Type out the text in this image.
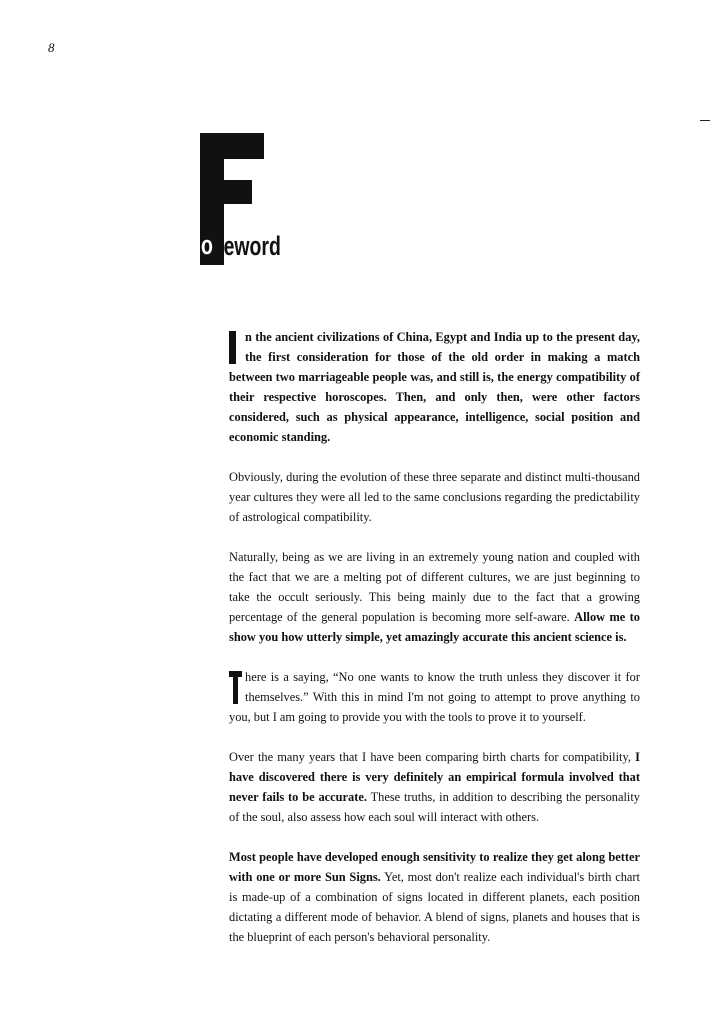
8
o reword

n the ancient civilizations of China, Egypt and India up to the present day, the first consideration for those of the old order in making a match between two marriageable people was, and still is, the energy compatibility of their respective horoscopes. Then, and only then, were other factors considered, such as physical appearance, intelligence, social position and economic standing.

Obviously, during the evolution of these three separate and distinct multi-thousand year cultures they were all led to the same conclusions regarding the predictability of astrological compatibility.

Naturally, being as we are living in an extremely young nation and coupled with the fact that we are a melting pot of different cultures, we are just beginning to take the occult seriously. This being mainly due to the fact that a growing percentage of the general population is becoming more self-aware. Allow me to show you how utterly simple, yet amazingly accurate this ancient science is.

here is a saying, “No one wants to know the truth unless they discover it for themselves.” With this in mind I'm not going to attempt to prove anything to you, but I am going to provide you with the tools to prove it to yourself.

Over the many years that I have been comparing birth charts for compatibility, I have discovered there is very definitely an empirical formula involved that never fails to be accurate. These truths, in addition to describing the personality of the soul, also assess how each soul will interact with others.

Most people have developed enough sensitivity to realize they get along better with one or more Sun Signs. Yet, most don't realize each individual's birth chart is made-up of a combination of signs located in different planets, each position dictating a different mode of behavior. A blend of signs, planets and houses that is the blueprint of each person's behavioral personality.
